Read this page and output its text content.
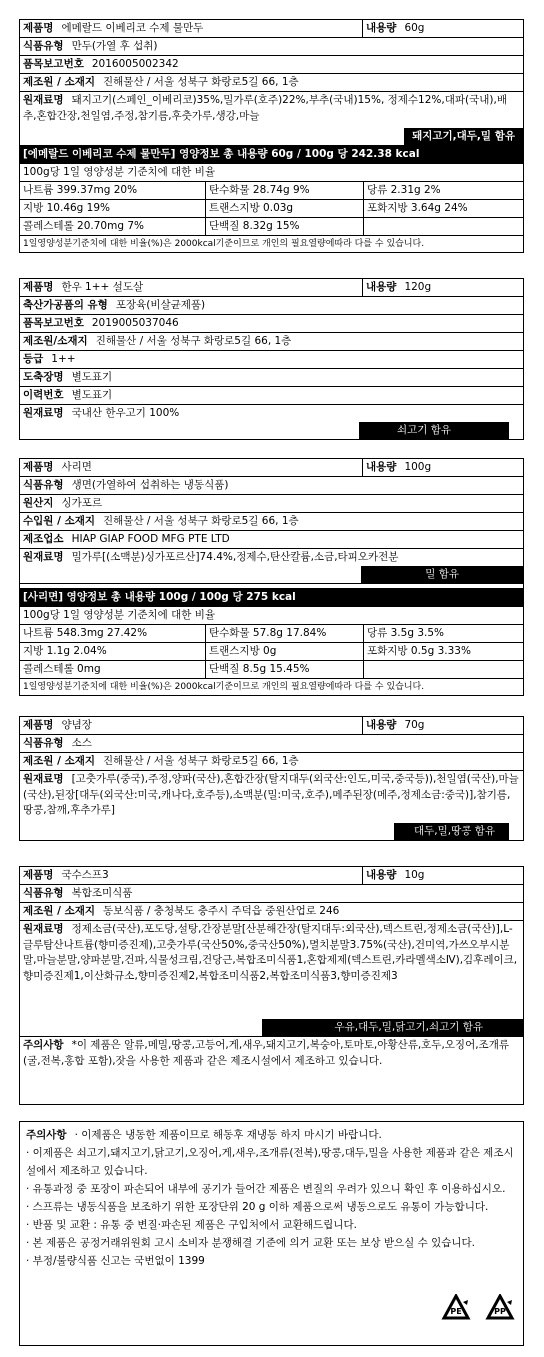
제품명 에메랄드 이베리코 수제 물만두	내용량 60g
식품유형 만두(가열 후 섭취)
품목보고번호 2016005002342
제조원 / 소재지 진해물산 / 서울 성북구 화랑로5길 66, 1층
원재료명 돼지고기(스페인_이베리코)35%,밀가루(호주)22%,부추(국내)15%, 정제수12%,대파(국내),배추,혼합간장,천일염,주정,참기름,후춧가루,생강,마늘
돼지고기,대두,밀 함유
[에메랄드 이베리코 수제 물만두] 영양정보 총 내용량 60g / 100g 당 242.38 kcal
100g당 1일 영양성분 기준치에 대한 비율
나트륨 399.37mg 20%	탄수화물 28.74g 9%	당류 2.31g 2%
지방 10.46g 19%	트랜스지방 0.03g	포화지방 3.64g 24%
콜레스테롤 20.70mg 7%	단백질 8.32g 15%
1일영양성분기준치에 대한 비율(%)은 2000kcal기준이므로 개인의 필요열량에따라 다를 수 있습니다.
제품명 한우 1++ 설도살	내용량 120g
축산가공품의 유형 포장육(비살균제품)
품목보고번호 2019005037046
제조원/소재지 진해물산 / 서울 성북구 화랑로5길 66, 1층
등급 1++
도축장명 별도표기
이력번호 별도표기
원재료명 국내산 한우고기 100%
쇠고기 함유
제품명 사리면	내용량 100g
식품유형 생면(가열하여 섭취하는 냉동식품)
원산지 싱가포르
수입원 / 소재지 진해물산 / 서울 성북구 화랑로5길 66, 1층
제조업소 HIAP GIAP FOOD MFG PTE LTD
원재료명 밀가루[(소맥분)싱가포르산]74.4%,정제수,탄산칼륨,소금,타피오카전분
밀 함유
[사리면] 영양정보 총 내용량 100g / 100g 당 275 kcal
100g당 1일 영양성분 기준치에 대한 비율
나트륨 548.3mg 27.42%	탄수화물 57.8g 17.84%	당류 3.5g 3.5%
지방 1.1g 2.04%	트랜스지방 0g	포화지방 0.5g 3.33%
콜레스테롤 0mg	단백질 8.5g 15.45%
1일영양성분기준치에 대한 비율(%)은 2000kcal기준이므로 개인의 필요열량에따라 다를 수 있습니다.
제품명 양념장	내용량 70g
식품유형 소스
제조원 / 소재지 진해물산 / 서울 성북구 화랑로5길 66, 1층
원재료명 [고춧가루(중국),주정,양파(국산),혼합간장(탈지대두(외국산:인도,미국,중국등)),천일염(국산),마늘(국산),된장[대두(외국산:미국,캐나다,호주등),소맥분(밀:미국,호주),메주된장(메주,정제소금:중국)],참기름,땅콩,참깨,후추가루]
대두,밀,땅콩 함유
제품명 국수스프3	내용량 10g
식품유형 복합조미식품
제조원 / 소재지 동보식품 / 충청북도 충주시 주덕읍 중원산업로 246
원재료명 정제소금(국산),포도당,설탕,간장분말[산분해간장(탈지대두:외국산),덱스트린,정제소금(국산)],L-글루탐산나트륨(향미증진제),고춧가루(국산50%,중국산50%),멸치분말3.75%(국산),건미역,가쓰오부시분말,마늘분말,양파분말,건파,식물성크림,건당근,복합조미식품1,혼합제제(덱스트린,카라멜색소Ⅳ),김후레이크,향미증진제1,이산화규소,향미증진제2,복합조미식품2,복합조미식품3,향미증진제3
우유,대두,밀,닭고기,쇠고기 함유
주의사항 *이 제품은 알류,메밀,땅콩,고등어,게,새우,돼지고기,복숭아,토마토,아황산류,호두,오징어,조개류(굴,전복,홍합 포함),잣을 사용한 제품과 같은 제조시설에서 제조하고 있습니다.
주의사항 · 이제품은 냉동한 제품이므로 해동후 재냉동 하지 마시기 바랍니다.
· 이제품은 쇠고기,돼지고기,닭고기,오징어,게,새우,조개류(전복),땅콩,대두,밀을 사용한 제품과 같은 제조시설에서 제조하고 있습니다.
· 유통과정 중 포장이 파손되어 내부에 공기가 들어간 제품은 변질의 우려가 있으니 확인 후 이용하십시오.
· 스프류는 냉동식품을 보조하기 위한 포장단위 20 g 이하 제품으로써 냉동으로도 유통이 가능합니다.
· 반품 및 교환 : 유통 중 변질·파손된 제품은 구입처에서 교환해드립니다.
· 본 제품은 공정거래위원회 고시 소비자 분쟁해결 기준에 의거 교환 또는 보상 받으실 수 있습니다.
· 부정/불량식품 신고는 국번없이 1399
PE	PP
